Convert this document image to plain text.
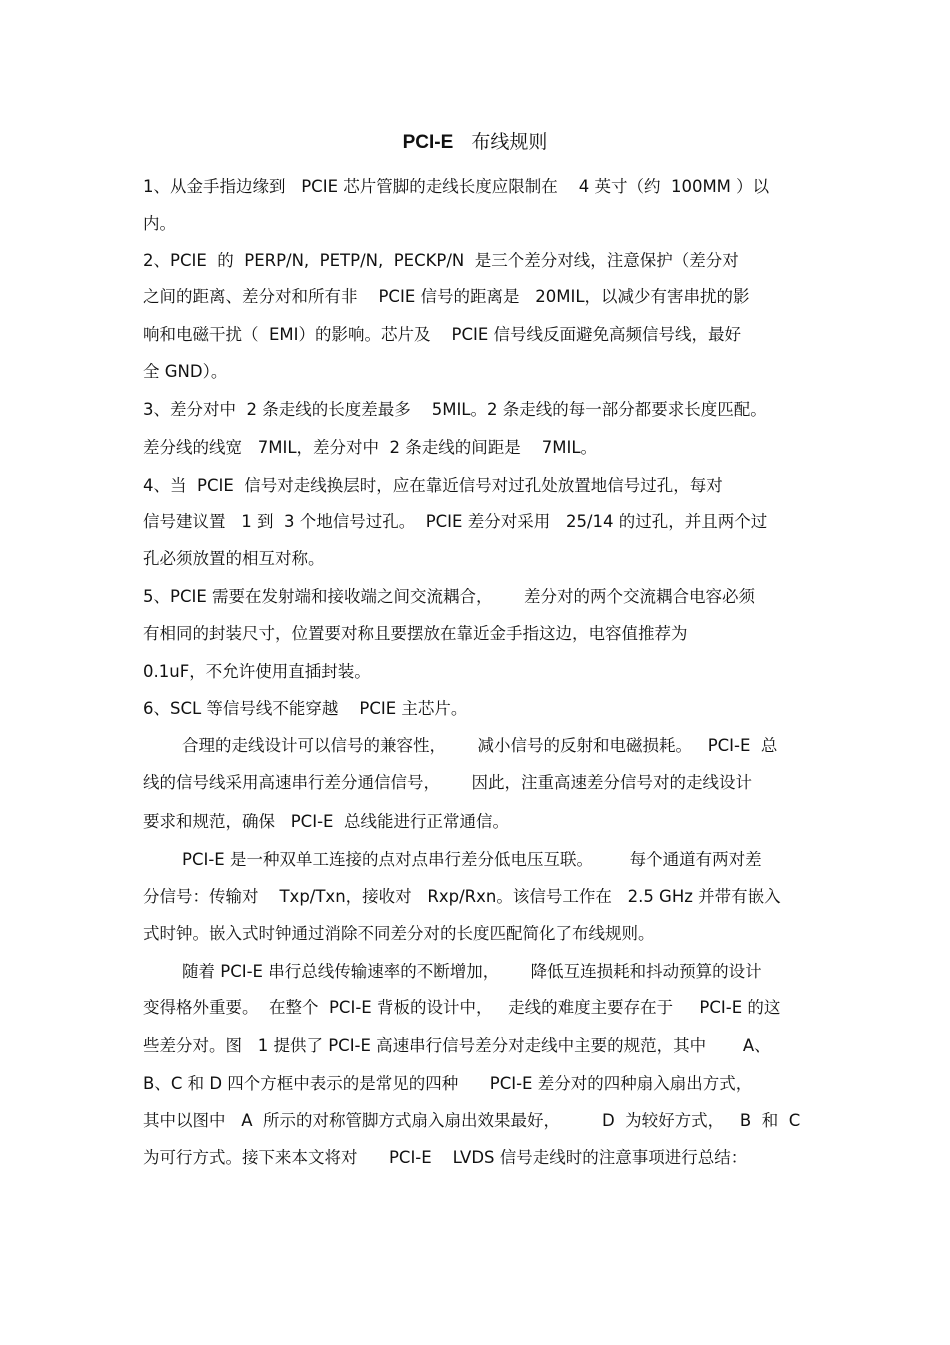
PCI-E 布线规则
1、从金手指边缘到   PCIE 芯片管脚的走线长度应限制在    4 英寸（约  100MM ）以
内。
2、PCIE  的  PERP/N,  PETP/N,  PECKP/N  是三个差分对线，注意保护（差分对
之间的距离、差分对和所有非    PCIE 信号的距离是   20MIL，以减少有害串扰的影
响和电磁干扰（  EMI）的影响。芯片及    PCIE 信号线反面避免高频信号线，最好
全 GND）。
3、差分对中  2 条走线的长度差最多    5MIL。2 条走线的每一部分都要求长度匹配。
差分线的线宽   7MIL，差分对中  2 条走线的间距是    7MIL。
4、当  PCIE  信号对走线换层时，应在靠近信号对过孔处放置地信号过孔，每对
信号建议置   1 到  3 个地信号过孔。  PCIE 差分对采用   25/14 的过孔，并且两个过
孔必须放置的相互对称。
5、PCIE 需要在发射端和接收端之间交流耦合，      差分对的两个交流耦合电容必须
有相同的封装尺寸，位置要对称且要摆放在靠近金手指这边，电容值推荐为
0.1uF，不允许使用直插封装。
6、SCL 等信号线不能穿越    PCIE 主芯片。
合理的走线设计可以信号的兼容性，      减小信号的反射和电磁损耗。   PCI-E  总
线的信号线采用高速串行差分通信信号，      因此，注重高速差分信号对的走线设计
要求和规范，确保   PCI-E  总线能进行正常通信。
PCI-E 是一种双单工连接的点对点串行差分低电压互联。       每个通道有两对差
分信号：传输对    Txp/Txn，接收对   Rxp/Rxn。该信号工作在   2.5 GHz 并带有嵌入
式时钟。嵌入式时钟通过消除不同差分对的长度匹配简化了布线规则。
随着 PCI-E 串行总线传输速率的不断增加，      降低互连损耗和抖动预算的设计
变得格外重要。  在整个  PCI-E 背板的设计中，   走线的难度主要存在于     PCI-E 的这
些差分对。图   1 提供了 PCI-E 高速串行信号差分对走线中主要的规范，其中       A、
B、C 和 D 四个方框中表示的是常见的四种      PCI-E 差分对的四种扇入扇出方式，
其中以图中   A  所示的对称管脚方式扇入扇出效果最好，        D  为较好方式，   B  和  C
为可行方式。接下来本文将对      PCI-E    LVDS 信号走线时的注意事项进行总结：
